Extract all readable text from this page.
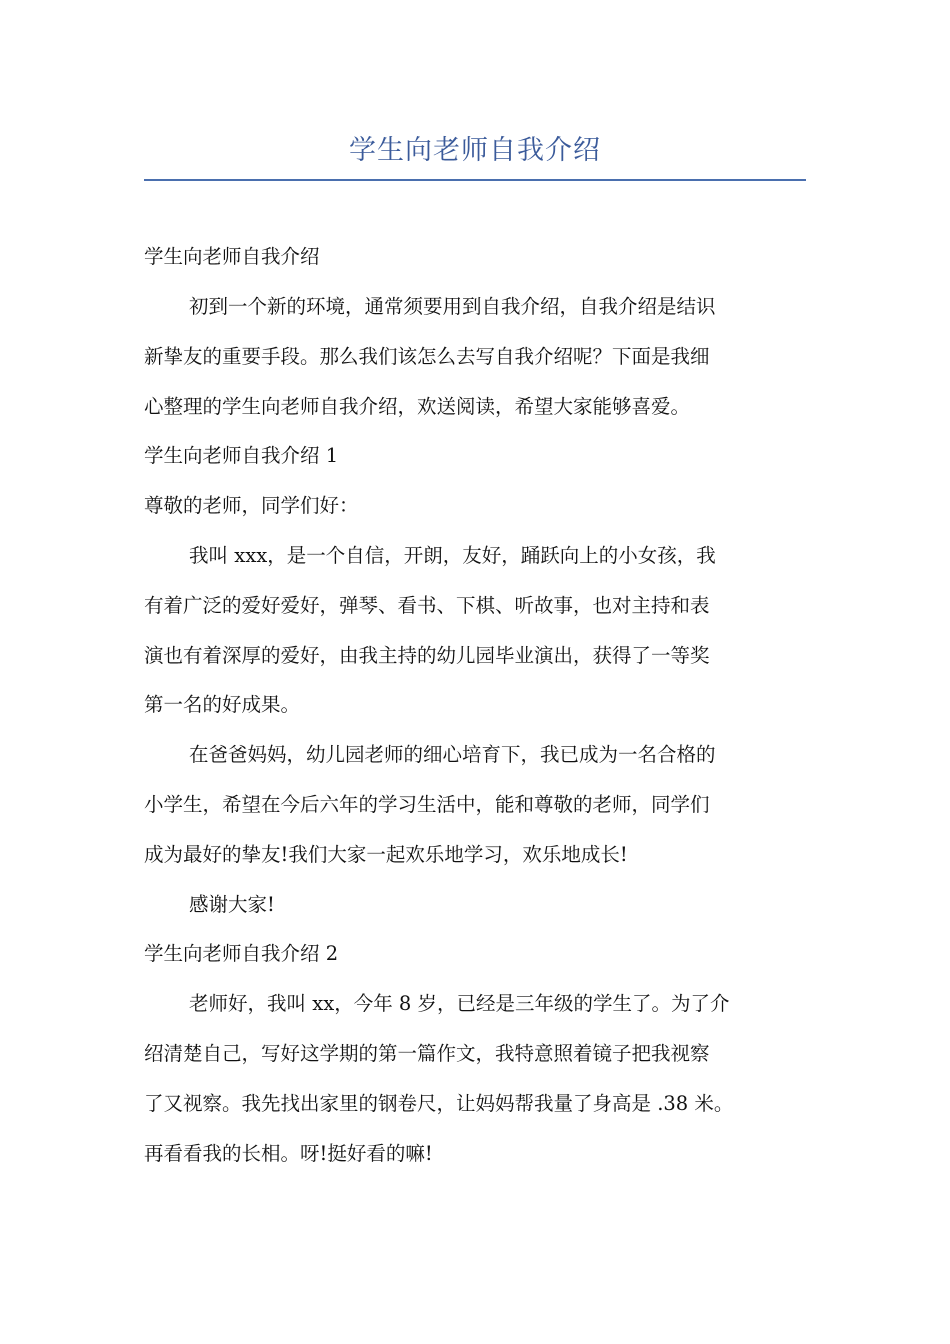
学生向老师自我介绍

学生向老师自我介绍

初到一个新的环境，通常须要用到自我介绍，自我介绍是结识

新挚友的重要手段。那么我们该怎么去写自我介绍呢？下面是我细

心整理的学生向老师自我介绍，欢送阅读，希望大家能够喜爱。

学生向老师自我介绍 1

尊敬的老师，同学们好：

我叫 xxx，是一个自信，开朗，友好，踊跃向上的小女孩，我

有着广泛的爱好爱好，弹琴、看书、下棋、听故事，也对主持和表

演也有着深厚的爱好，由我主持的幼儿园毕业演出，获得了一等奖

第一名的好成果。

在爸爸妈妈，幼儿园老师的细心培育下，我已成为一名合格的

小学生，希望在今后六年的学习生活中，能和尊敬的老师，同学们

成为最好的挚友!我们大家一起欢乐地学习，欢乐地成长!

感谢大家!

学生向老师自我介绍 2

老师好，我叫 xx，今年 8 岁，已经是三年级的学生了。为了介

绍清楚自己，写好这学期的第一篇作文，我特意照着镜子把我视察

了又视察。我先找出家里的钢卷尺，让妈妈帮我量了身高是 .38 米。

再看看我的长相。呀!挺好看的嘛!
